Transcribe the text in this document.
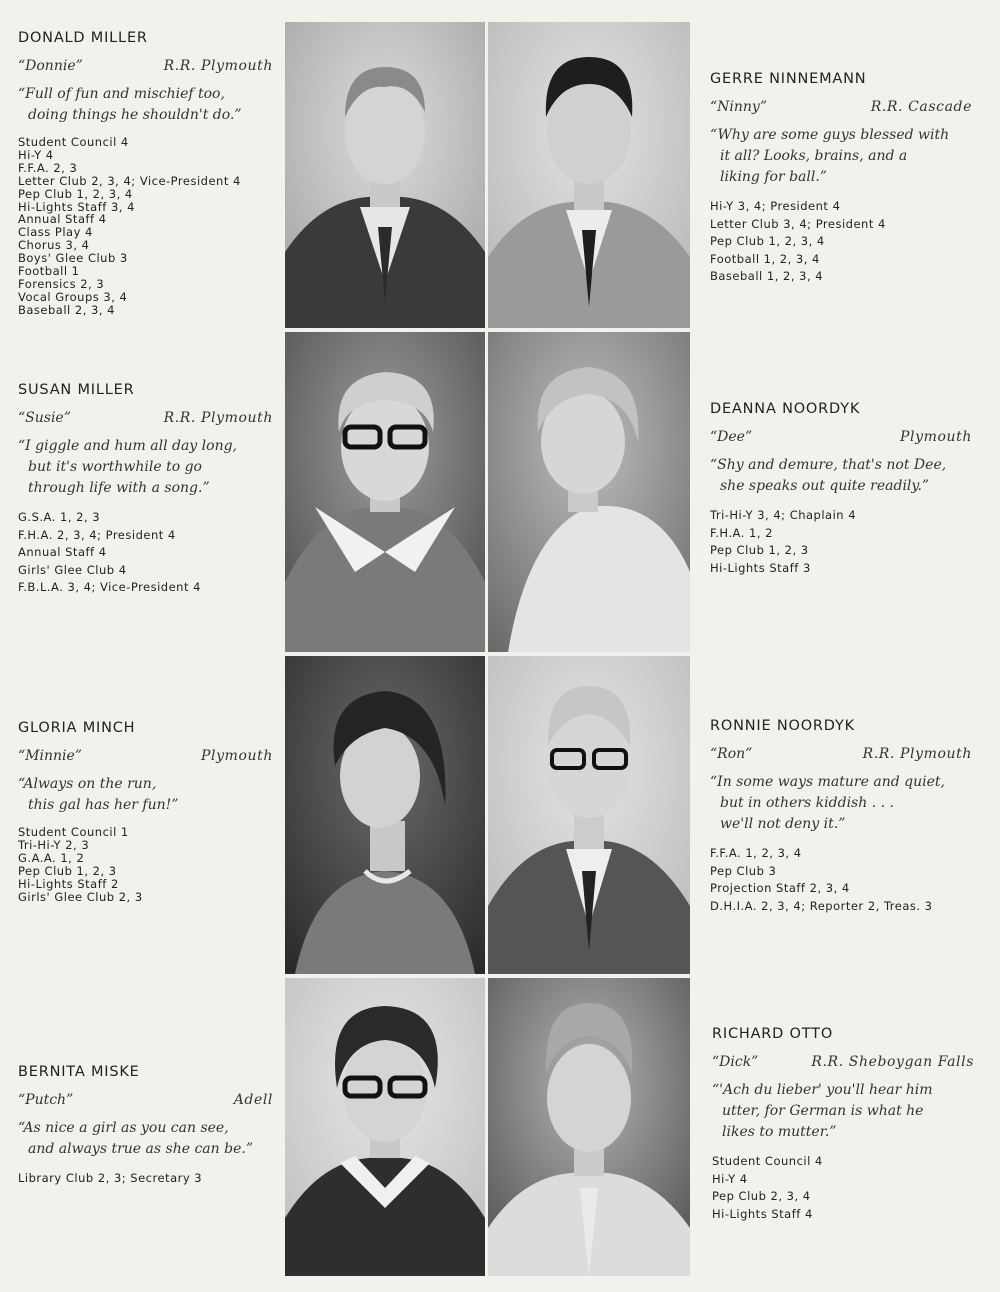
DONALD MILLER
“Donnie”	R.R. Plymouth
“Full of fun and mischief too,
doing things he shouldn't do.”
Student Council 4
Hi-Y 4
F.F.A. 2, 3
Letter Club 2, 3, 4; Vice-President 4
Pep Club 1, 2, 3, 4
Hi-Lights Staff 3, 4
Annual Staff 4
Class Play 4
Chorus 3, 4
Boys' Glee Club 3
Football 1
Forensics 2, 3
Vocal Groups 3, 4
Baseball 2, 3, 4
GERRE NINNEMANN
“Ninny”	R.R. Cascade
“Why are some guys blessed with
it all? Looks, brains, and a
liking for ball.”
Hi-Y 3, 4; President 4
Letter Club 3, 4; President 4
Pep Club 1, 2, 3, 4
Football 1, 2, 3, 4
Baseball 1, 2, 3, 4
SUSAN MILLER
“Susie”	R.R. Plymouth
“I giggle and hum all day long,
but it's worthwhile to go
through life with a song.”
G.S.A. 1, 2, 3
F.H.A. 2, 3, 4; President 4
Annual Staff 4
Girls' Glee Club 4
F.B.L.A. 3, 4; Vice-President 4
DEANNA NOORDYK
“Dee”	Plymouth
“Shy and demure, that's not Dee,
she speaks out quite readily.”
Tri-Hi-Y 3, 4; Chaplain 4
F.H.A. 1, 2
Pep Club 1, 2, 3
Hi-Lights Staff 3
GLORIA MINCH
“Minnie”	Plymouth
“Always on the run,
this gal has her fun!”
Student Council 1
Tri-Hi-Y 2, 3
G.A.A. 1, 2
Pep Club 1, 2, 3
Hi-Lights Staff 2
Girls' Glee Club 2, 3
RONNIE NOORDYK
“Ron”	R.R. Plymouth
“In some ways mature and quiet,
but in others kiddish . . .
we'll not deny it.”
F.F.A. 1, 2, 3, 4
Pep Club 3
Projection Staff 2, 3, 4
D.H.I.A. 2, 3, 4; Reporter 2, Treas. 3
BERNITA MISKE
“Putch”	Adell
“As nice a girl as you can see,
and always true as she can be.”
Library Club 2, 3; Secretary 3
RICHARD OTTO
“Dick”	R.R. Sheboygan Falls
“'Ach du lieber' you'll hear him
utter, for German is what he
likes to mutter.”
Student Council 4
Hi-Y 4
Pep Club 2, 3, 4
Hi-Lights Staff 4
